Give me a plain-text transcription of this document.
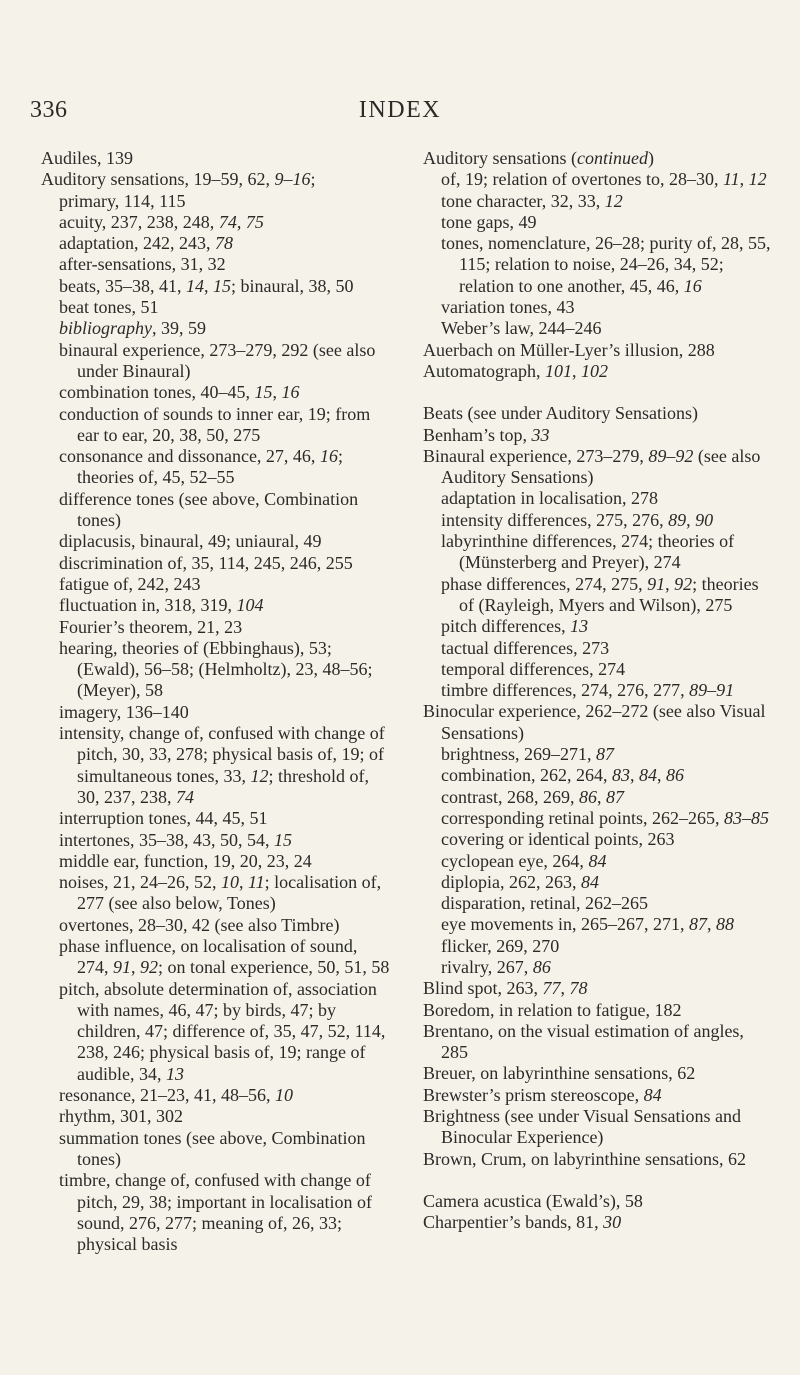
336	INDEX
Audiles, 139
Auditory sensations, 19–59, 62, 9–16;
primary, 114, 115
acuity, 237, 238, 248, 74, 75
adaptation, 242, 243, 78
after-sensations, 31, 32
beats, 35–38, 41, 14, 15; binaural, 38, 50
beat tones, 51
bibliography, 39, 59
binaural experience, 273–279, 292 (see also under Binaural)
combination tones, 40–45, 15, 16
conduction of sounds to inner ear, 19; from ear to ear, 20, 38, 50, 275
consonance and dissonance, 27, 46, 16; theories of, 45, 52–55
difference tones (see above, Combination tones)
diplacusis, binaural, 49; uniaural, 49
discrimination of, 35, 114, 245, 246, 255
fatigue of, 242, 243
fluctuation in, 318, 319, 104
Fourier’s theorem, 21, 23
hearing, theories of (Ebbinghaus), 53; (Ewald), 56–58; (Helmholtz), 23, 48–56; (Meyer), 58
imagery, 136–140
intensity, change of, confused with change of pitch, 30, 33, 278; physical basis of, 19; of simultaneous tones, 33, 12; threshold of, 30, 237, 238, 74
interruption tones, 44, 45, 51
intertones, 35–38, 43, 50, 54, 15
middle ear, function, 19, 20, 23, 24
noises, 21, 24–26, 52, 10, 11; localisation of, 277 (see also below, Tones)
overtones, 28–30, 42 (see also Timbre)
phase influence, on localisation of sound, 274, 91, 92; on tonal experience, 50, 51, 58
pitch, absolute determination of, association with names, 46, 47; by birds, 47; by children, 47; difference of, 35, 47, 52, 114, 238, 246; physical basis of, 19; range of audible, 34, 13
resonance, 21–23, 41, 48–56, 10
rhythm, 301, 302
summation tones (see above, Combination tones)
timbre, change of, confused with change of pitch, 29, 38; important in localisation of sound, 276, 277; meaning of, 26, 33; physical basis
Auditory sensations (continued)
of, 19; relation of overtones to, 28–30, 11, 12
tone character, 32, 33, 12
tone gaps, 49
tones, nomenclature, 26–28; purity of, 28, 55, 115; relation to noise, 24–26, 34, 52; relation to one another, 45, 46, 16
variation tones, 43
Weber’s law, 244–246
Auerbach on Müller-Lyer’s illusion, 288
Automatograph, 101, 102
Beats (see under Auditory Sensations)
Benham’s top, 33
Binaural experience, 273–279, 89–92 (see also Auditory Sensations)
adaptation in localisation, 278
intensity differences, 275, 276, 89, 90
labyrinthine differences, 274; theories of (Münsterberg and Preyer), 274
phase differences, 274, 275, 91, 92; theories of (Rayleigh, Myers and Wilson), 275
pitch differences, 13
tactual differences, 273
temporal differences, 274
timbre differences, 274, 276, 277, 89–91
Binocular experience, 262–272 (see also Visual Sensations)
brightness, 269–271, 87
combination, 262, 264, 83, 84, 86
contrast, 268, 269, 86, 87
corresponding retinal points, 262–265, 83–85
covering or identical points, 263
cyclopean eye, 264, 84
diplopia, 262, 263, 84
disparation, retinal, 262–265
eye movements in, 265–267, 271, 87, 88
flicker, 269, 270
rivalry, 267, 86
Blind spot, 263, 77, 78
Boredom, in relation to fatigue, 182
Brentano, on the visual estimation of angles, 285
Breuer, on labyrinthine sensations, 62
Brewster’s prism stereoscope, 84
Brightness (see under Visual Sensations and Binocular Experience)
Brown, Crum, on labyrinthine sensations, 62
Camera acustica (Ewald’s), 58
Charpentier’s bands, 81, 30
